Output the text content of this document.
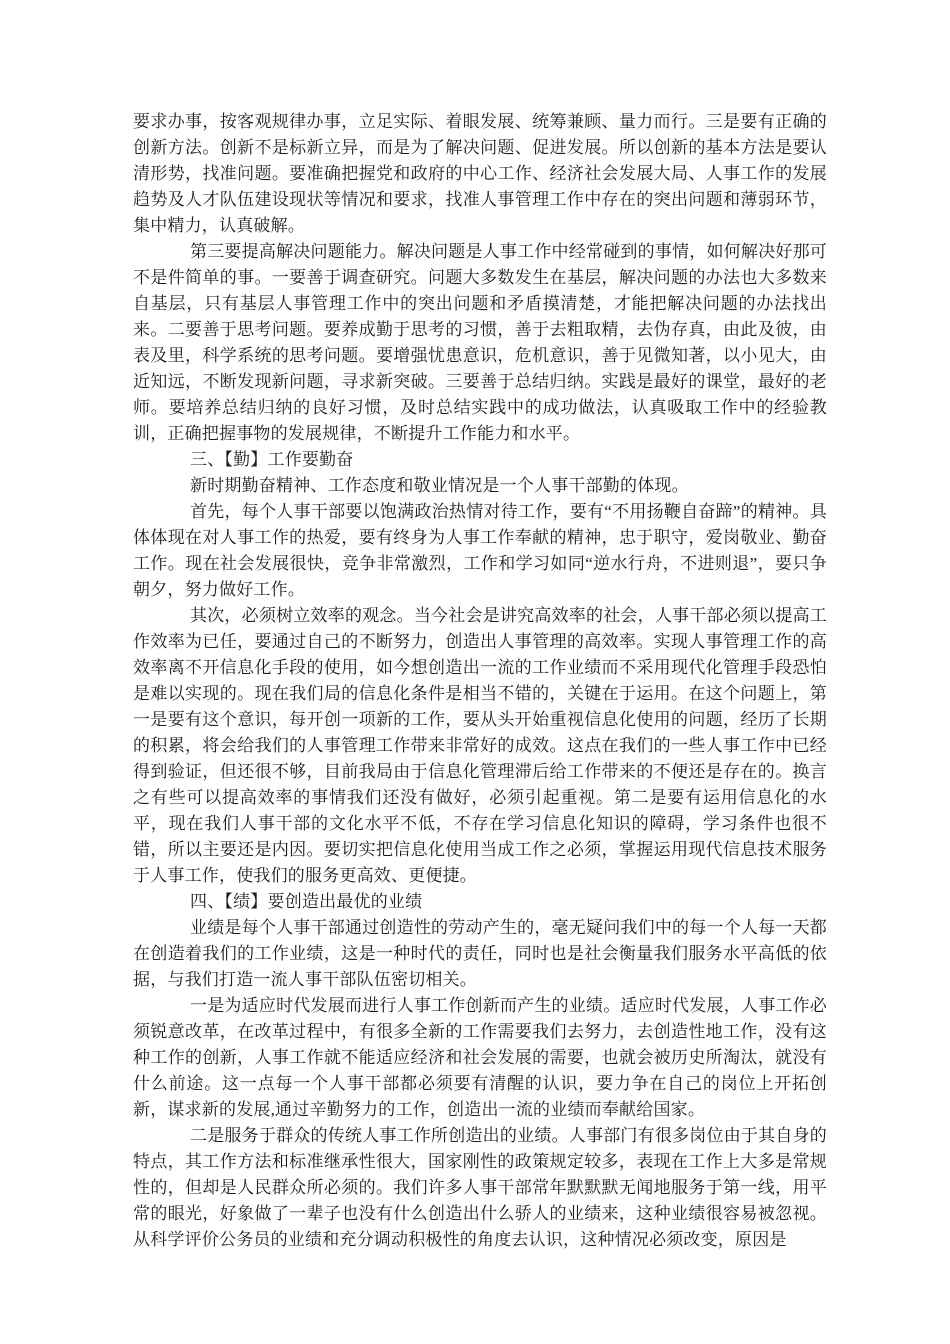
要求办事，按客观规律办事，立足实际、着眼发展、统筹兼顾、量力而行。三是要有正确的创新方法。创新不是标新立异，而是为了解决问题、促进发展。所以创新的基本方法是要认清形势，找准问题。要准确把握党和政府的中心工作、经济社会发展大局、人事工作的发展趋势及人才队伍建设现状等情况和要求，找准人事管理工作中存在的突出问题和薄弱环节，集中精力，认真破解。

第三要提高解决问题能力。解决问题是人事工作中经常碰到的事情，如何解决好那可不是件简单的事。一要善于调查研究。问题大多数发生在基层，解决问题的办法也大多数来自基层，只有基层人事管理工作中的突出问题和矛盾摸清楚，才能把解决问题的办法找出来。二要善于思考问题。要养成勤于思考的习惯，善于去粗取精，去伪存真，由此及彼，由表及里，科学系统的思考问题。要增强忧患意识，危机意识，善于见微知著，以小见大，由近知远，不断发现新问题，寻求新突破。三要善于总结归纳。实践是最好的课堂，最好的老师。要培养总结归纳的良好习惯，及时总结实践中的成功做法，认真吸取工作中的经验教训，正确把握事物的发展规律，不断提升工作能力和水平。

三、【勤】工作要勤奋

新时期勤奋精神、工作态度和敬业情况是一个人事干部勤的体现。

首先，每个人事干部要以饱满政治热情对待工作，要有“不用扬鞭自奋蹄”的精神。具体体现在对人事工作的热爱，要有终身为人事工作奉献的精神，忠于职守，爱岗敬业、勤奋工作。现在社会发展很快，竞争非常激烈，工作和学习如同“逆水行舟，不进则退”，要只争朝夕，努力做好工作。

其次，必须树立效率的观念。当今社会是讲究高效率的社会，人事干部必须以提高工作效率为已任，要通过自己的不断努力，创造出人事管理的高效率。实现人事管理工作的高效率离不开信息化手段的使用，如今想创造出一流的工作业绩而不采用现代化管理手段恐怕是难以实现的。现在我们局的信息化条件是相当不错的，关键在于运用。在这个问题上，第一是要有这个意识，每开创一项新的工作，要从头开始重视信息化使用的问题，经历了长期的积累，将会给我们的人事管理工作带来非常好的成效。这点在我们的一些人事工作中已经得到验证，但还很不够，目前我局由于信息化管理滞后给工作带来的不便还是存在的。换言之有些可以提高效率的事情我们还没有做好，必须引起重视。第二是要有运用信息化的水平，现在我们人事干部的文化水平不低，不存在学习信息化知识的障碍，学习条件也很不错，所以主要还是内因。要切实把信息化使用当成工作之必须，掌握运用现代信息技术服务于人事工作，使我们的服务更高效、更便捷。

四、【绩】要创造出最优的业绩

业绩是每个人事干部通过创造性的劳动产生的，毫无疑问我们中的每一个人每一天都在创造着我们的工作业绩，这是一种时代的责任，同时也是社会衡量我们服务水平高低的依据，与我们打造一流人事干部队伍密切相关。

一是为适应时代发展而进行人事工作创新而产生的业绩。适应时代发展，人事工作必须锐意改革，在改革过程中，有很多全新的工作需要我们去努力，去创造性地工作，没有这种工作的创新，人事工作就不能适应经济和社会发展的需要，也就会被历史所淘汰，就没有什么前途。这一点每一个人事干部都必须要有清醒的认识，要力争在自己的岗位上开拓创新，谋求新的发展,通过辛勤努力的工作，创造出一流的业绩而奉献给国家。

二是服务于群众的传统人事工作所创造出的业绩。人事部门有很多岗位由于其自身的特点，其工作方法和标准继承性很大，国家刚性的政策规定较多，表现在工作上大多是常规性的，但却是人民群众所必须的。我们许多人事干部常年默默默无闻地服务于第一线，用平常的眼光，好象做了一辈子也没有什么创造出什么骄人的业绩来，这种业绩很容易被忽视。从科学评价公务员的业绩和充分调动积极性的角度去认识，这种情况必须改变，原因是
